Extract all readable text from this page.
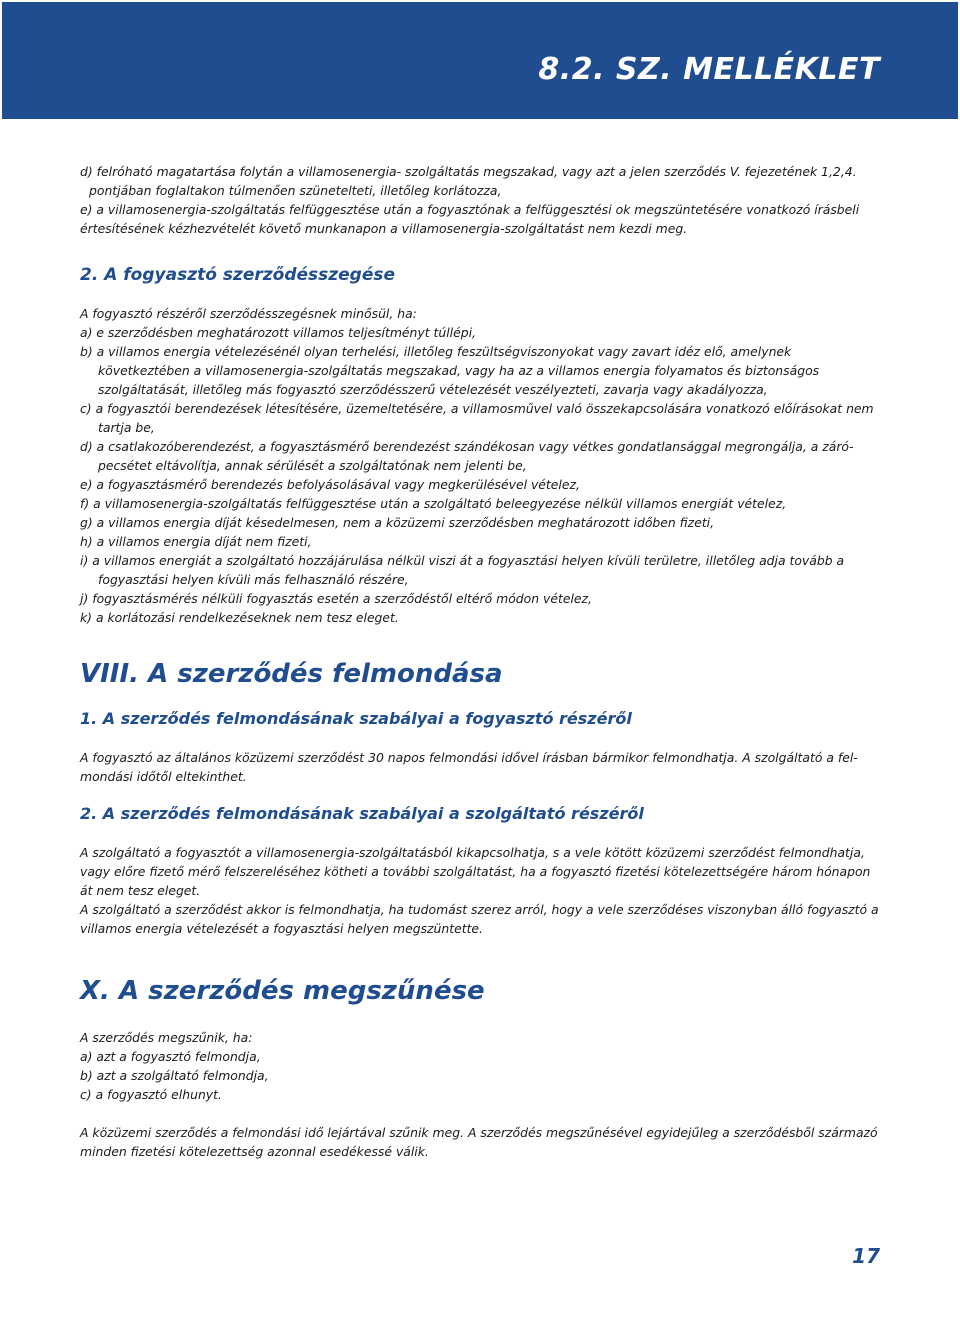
8.2. SZ. MELLÉKLET

d) felróható magatartása folytán a villamosenergia- szolgáltatás megszakad, vagy azt a jelen szerződés V. fejezetének 1,2,4.

pontjában foglaltakon túlmenően szünetelteti, illetőleg korlátozza,

e) a villamosenergia-szolgáltatás felfüggesztése után a fogyasztónak a felfüggesztési ok megszüntetésére vonatkozó írásbeli

értesítésének kézhezvételét követő munkanapon a villamosenergia-szolgáltatást nem kezdi meg.

2. A fogyasztó szerződésszegése

A fogyasztó részéről szerződésszegésnek minősül, ha:

a) e szerződésben meghatározott villamos teljesítményt túllépi,

b) a villamos energia vételezésénél olyan terhelési, illetőleg feszültségviszonyokat vagy zavart idéz elő, amelynek következtében a villamosenergia-szolgáltatás megszakad, vagy ha az a villamos energia folyamatos és biztonságos szolgáltatását, illetőleg más fogyasztó szerződésszerű vételezését veszélyezteti, zavarja vagy akadályozza,

c) a fogyasztói berendezések létesítésére, üzemeltetésére, a villamosművel való összekapcsolására vonatkozó előírásokat nem tartja be,

d) a csatlakozóberendezést, a fogyasztásmérő berendezést szándékosan vagy vétkes gondatlansággal megrongálja, a záró-pecsétet eltávolítja, annak sérülését a szolgáltatónak nem jelenti be,

e) a fogyasztásmérő berendezés befolyásolásával vagy megkerülésével vételez,

f) a villamosenergia-szolgáltatás felfüggesztése után a szolgáltató beleegyezése nélkül villamos energiát vételez,

g) a villamos energia díját késedelmesen, nem a közüzemi szerződésben meghatározott időben fizeti,

h) a villamos energia díját nem fizeti,

i) a villamos energiát a szolgáltató hozzájárulása nélkül viszi át a fogyasztási helyen kívüli területre, illetőleg adja tovább a fogyasztási helyen kívüli más felhasználó részére,

j) fogyasztásmérés nélküli fogyasztás esetén a szerződéstől eltérő módon vételez,

k) a korlátozási rendelkezéseknek nem tesz eleget.

VIII. A szerződés felmondása
1. A szerződés felmondásának szabályai a fogyasztó részéről

A fogyasztó az általános közüzemi szerződést 30 napos felmondási idővel írásban bármikor felmondhatja. A szolgáltató a fel-mondási időtől eltekinthet.

2. A szerződés felmondásának szabályai a szolgáltató részéről

A szolgáltató a fogyasztót a villamosenergia-szolgáltatásból kikapcsolhatja, s a vele kötött közüzemi szerződést felmondhatja, vagy előre fizető mérő felszereléséhez kötheti a további szolgáltatást, ha a fogyasztó fizetési kötelezettségére három hónapon át nem tesz eleget.

A szolgáltató a szerződést akkor is felmondhatja, ha tudomást szerez arról, hogy a vele szerződéses viszonyban álló fogyasztó a villamos energia vételezését a fogyasztási helyen megszüntette.

X. A szerződés megszűnése

A szerződés megszűnik, ha:

a) azt a fogyasztó felmondja,

b) azt a szolgáltató felmondja,

c) a fogyasztó elhunyt.

A közüzemi szerződés a felmondási idő lejártával szűnik meg. A szerződés megszűnésével egyidejűleg a szerződésből származó minden fizetési kötelezettség azonnal esedékessé válik.

17
